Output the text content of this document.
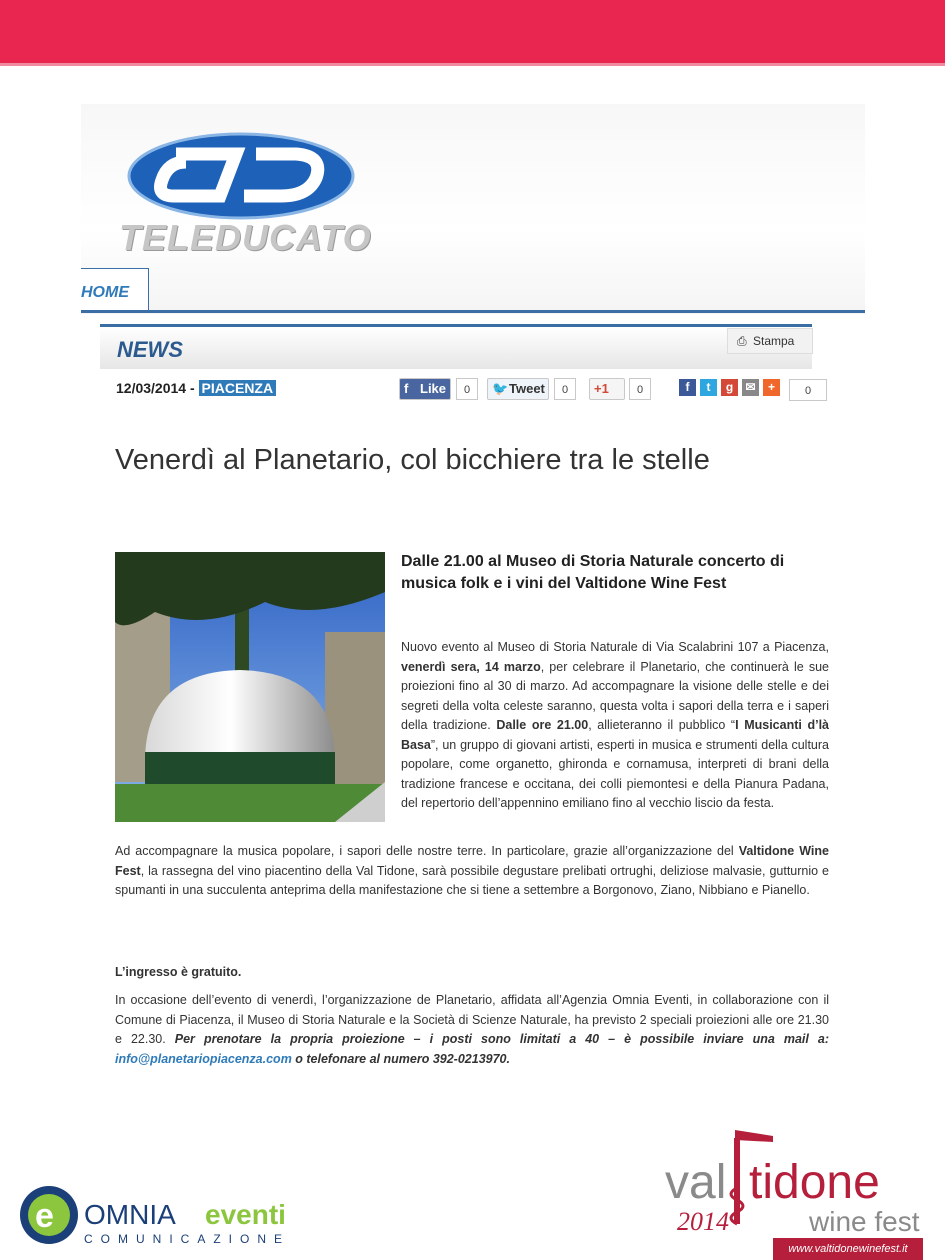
TELEDUCATO
HOME
NEWS	⎙ Stampa
12/03/2014 - PIACENZA	f Like	0	🐦 Tweet	0	+1	0	f	t	g	✉	+	0
Venerdì al Planetario, col bicchiere tra le stelle
Dalle 21.00 al Museo di Storia Naturale concerto di musica folk e i vini del Valtidone Wine Fest
Nuovo evento al Museo di Storia Naturale di Via Scalabrini 107 a Piacenza, venerdì sera, 14 marzo, per celebrare il Planetario, che continuerà le sue proiezioni fino al 30 di marzo. Ad accompagnare la visione delle stelle e dei segreti della volta celeste saranno, questa volta i sapori della terra e i saperi della tradizione. Dalle ore 21.00, allieteranno il pubblico “I Musicanti d’là Basa”, un gruppo di giovani artisti, esperti in musica e strumenti della cultura popolare, come organetto, ghironda e cornamusa, interpreti di brani della tradizione francese e occitana, dei colli piemontesi e della Pianura Padana, del repertorio dell’appennino emiliano fino al vecchio liscio da festa.
Ad accompagnare la musica popolare, i sapori delle nostre terre. In particolare, grazie all’organizzazione del Valtidone Wine Fest, la rassegna del vino piacentino della Val Tidone, sarà possibile degustare prelibati ortrughi, deliziose malvasie, gutturnio e spumanti in una succulenta anteprima della manifestazione che si tiene a settembre a Borgonovo, Ziano, Nibbiano e Pianello.
L’ingresso è gratuito.
In occasione dell’evento di venerdì, l’organizzazione de Planetario, affidata all’Agenzia Omnia Eventi, in collaborazione con il Comune di Piacenza, il Museo di Storia Naturale e la Società di Scienze Naturale, ha previsto 2 speciali proiezioni alle ore 21.30 e 22.30. Per prenotare la propria proiezione – i posti sono limitati a 40 – è possibile inviare una mail a: info@planetariopiacenza.com o telefonare al numero 392-0213970.
e OMNIA eventi
COMUNICAZIONE
val tidone
2014	wine fest
www.valtidonewinefest.it
